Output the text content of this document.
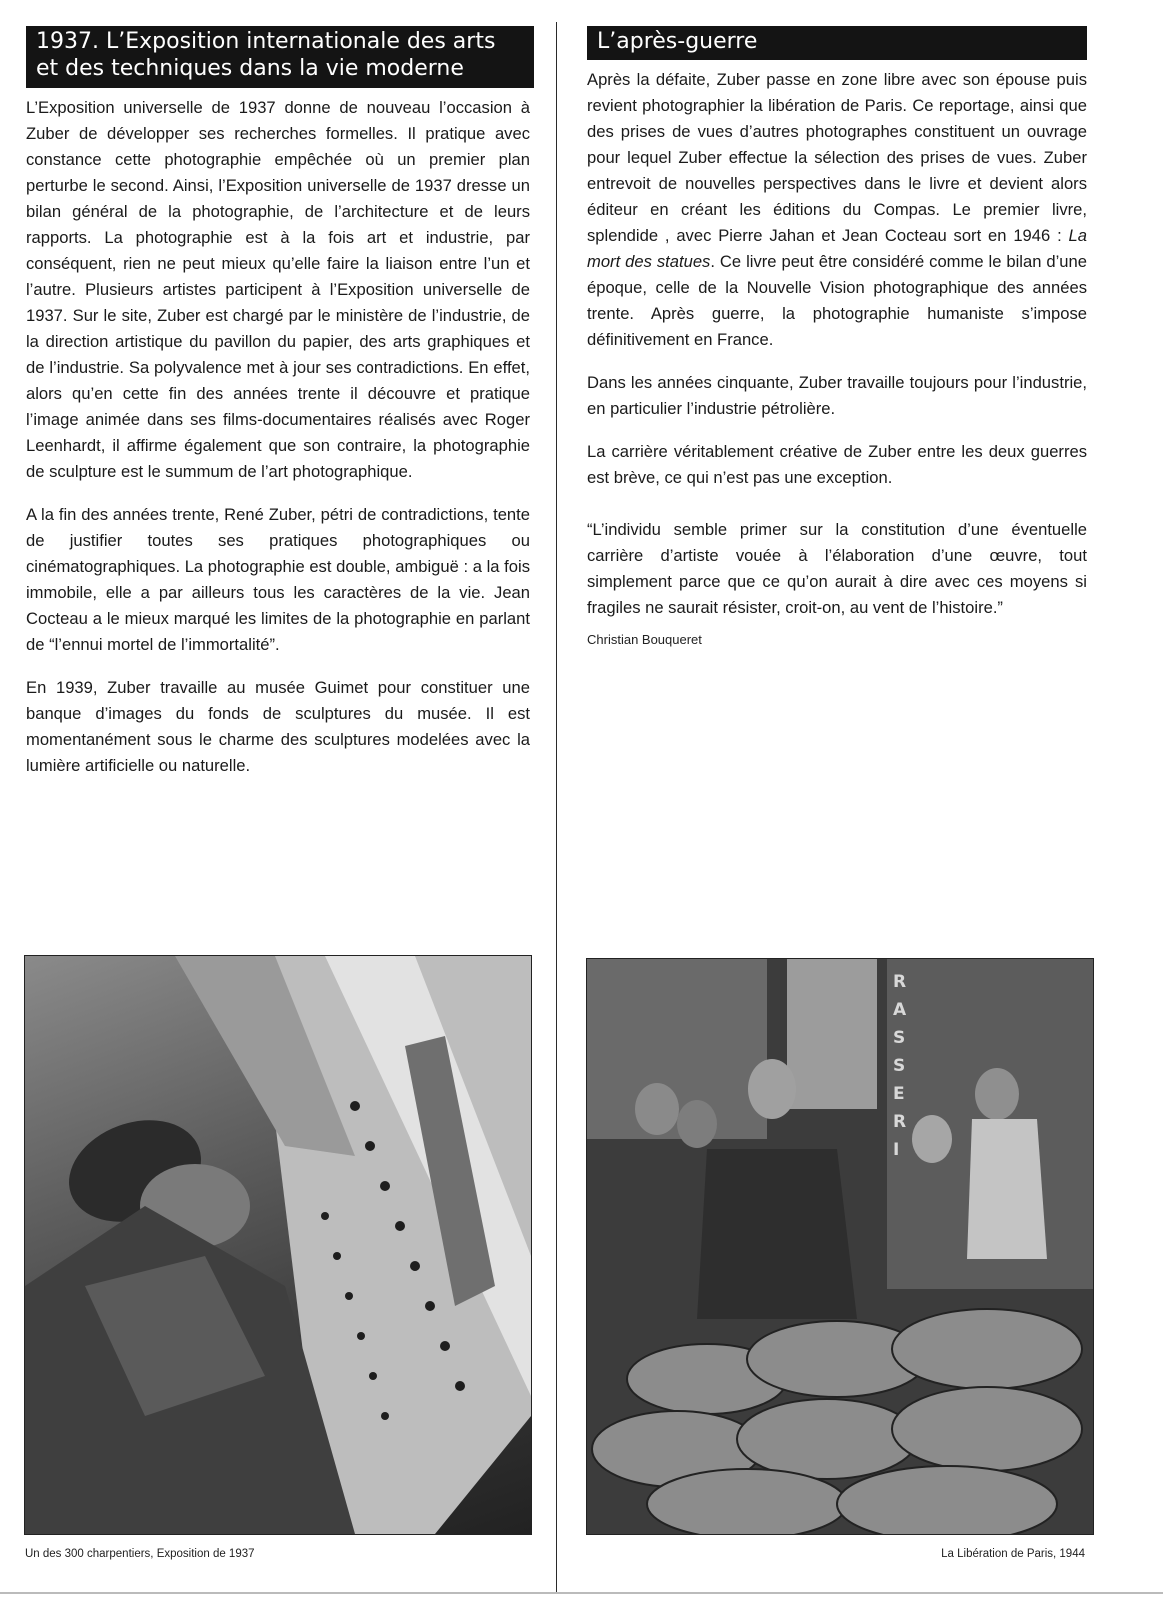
1937. L’Exposition internationale des arts et des techniques dans la vie moderne

L’Exposition universelle de 1937 donne de nouveau l’occasion à Zuber de développer ses recherches formelles. Il pratique avec constance cette photographie empêchée où un premier plan perturbe le second. Ainsi, l’Exposition universelle de 1937 dresse un bilan général de la photographie, de l’architecture et de leurs rapports. La photographie est à la fois art et industrie, par conséquent, rien ne peut mieux qu’elle faire la liaison entre l’un et l’autre. Plusieurs artistes participent à l’Exposition universelle de 1937. Sur le site, Zuber est chargé par le ministère de l’industrie, de la direction artistique du pavillon du papier, des arts graphiques et de l’industrie. Sa polyvalence met à jour ses contradictions. En effet, alors qu’en cette fin des années trente il découvre et pratique l’image animée dans ses films-documentaires réalisés avec Roger Leenhardt, il affirme également que son contraire, la photographie de sculpture est le summum de l’art photographique.

A la fin des années trente, René Zuber, pétri de contradictions, tente de justifier toutes ses pratiques photographiques ou cinématographiques. La photographie est double, ambiguë : a la fois immobile, elle a par ailleurs tous les caractères de la vie. Jean Cocteau a le mieux marqué les limites de la photographie en parlant de “l’ennui mortel de l’immortalité”.

En 1939, Zuber travaille au musée Guimet pour constituer une banque d’images du fonds de sculptures du musée. Il est momentanément sous le charme des sculptures modelées avec la lumière artificielle ou naturelle.

L’après-guerre

Après la défaite, Zuber passe en zone libre avec son épouse puis revient photographier la libération de Paris. Ce reportage, ainsi que des prises de vues d’autres photographes constituent un ouvrage pour lequel Zuber effectue la sélection des prises de vues. Zuber entrevoit de nouvelles perspectives dans le livre et devient alors éditeur en créant les éditions du Compas. Le premier livre, splendide , avec Pierre Jahan et Jean Cocteau sort en 1946 : La mort des statues. Ce livre peut être considéré comme le bilan d’une époque, celle de la Nouvelle Vision photographique des années trente. Après guerre, la photographie humaniste s’impose définitivement en France.

Dans les années cinquante, Zuber travaille toujours pour l’industrie, en particulier l’industrie pétrolière.

La carrière véritablement créative de Zuber entre les deux guerres est brève, ce qui n’est pas une exception.

“L’individu semble primer sur la constitution d’une éventuelle carrière d’artiste vouée à l’élaboration d’une œuvre, tout simplement parce que ce qu’on aurait à dire avec ces moyens si fragiles ne saurait résister, croit-on, au vent de l’histoire.”

Christian Bouqueret

R
A
S
S
E
R
I
Un des 300 charpentiers, Exposition de 1937	La Libération de Paris, 1944
